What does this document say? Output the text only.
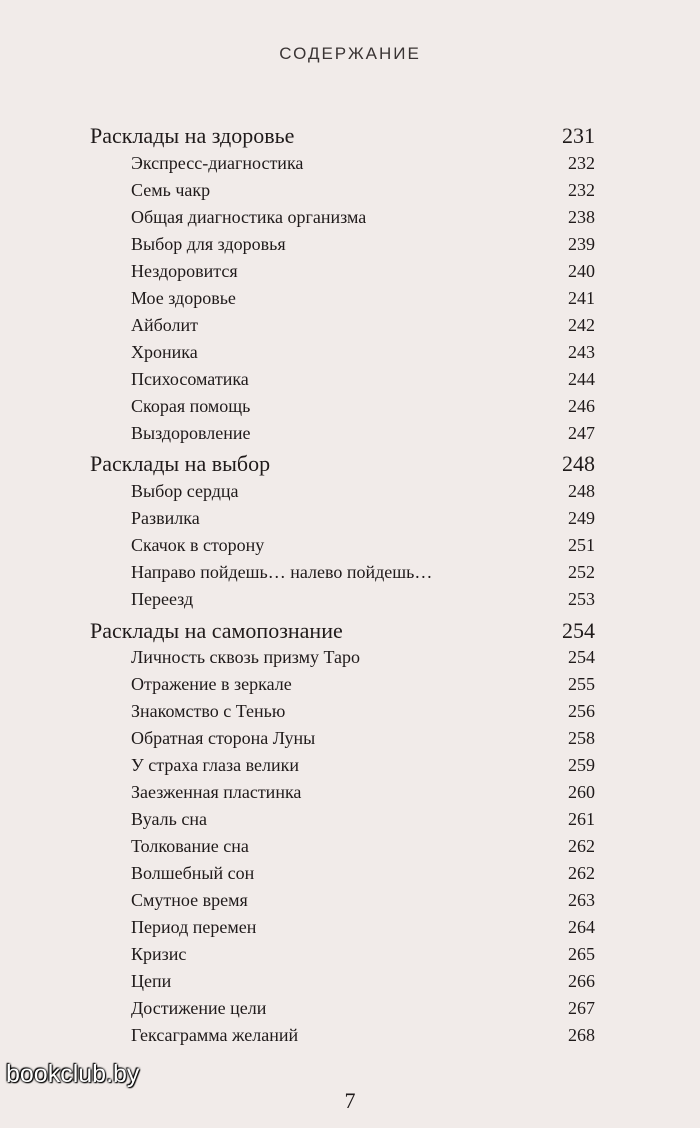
СОДЕРЖАНИЕ
Расклады на здоровье	231
Экспресс-диагностика	232
Семь чакр	232
Общая диагностика организма	238
Выбор для здоровья	239
Нездоровится	240
Мое здоровье	241
Айболит	242
Хроника	243
Психосоматика	244
Скорая помощь	246
Выздоровление	247
Расклады на выбор	248
Выбор сердца	248
Развилка	249
Скачок в сторону	251
Направо пойдешь… налево пойдешь…	252
Переезд	253
Расклады на самопознание	254
Личность сквозь призму Таро	254
Отражение в зеркале	255
Знакомство с Тенью	256
Обратная сторона Луны	258
У страха глаза велики	259
Заезженная пластинка	260
Вуаль сна	261
Толкование сна	262
Волшебный сон	262
Смутное время	263
Период перемен	264
Кризис	265
Цепи	266
Достижение цели	267
Гексаграмма желаний	268
7
bookclub.by
